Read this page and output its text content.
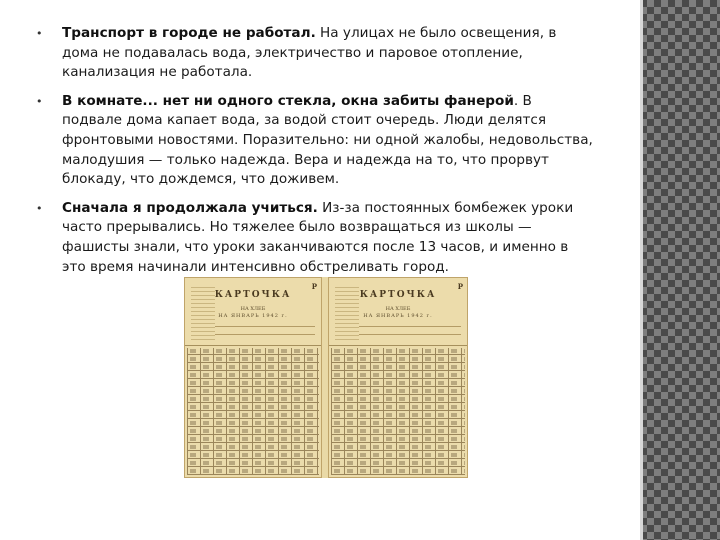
• Транспорт в городе не работал. На улицах не было освещения, в дома не подавалась вода, электричество и паровое отопление, канализация не работала.
• В комнате... нет ни одного стекла, окна забиты фанерой. В подвале дома капает вода, за водой стоит очередь. Люди делятся фронтовыми новостями. Поразительно: ни одной жалобы, недовольства, малодушия — только надежда. Вера и надежда на то, что прорвут блокаду, что дождемся, что доживем.
• Сначала я продолжала учиться. Из-за постоянных бомбежек уроки часто прерывались. Но тяжелее было возвращаться из школы — фашисты знали, что уроки заканчиваются после 13 часов, и именно в это время начинали интенсивно обстреливать город.
КАРТОЧКА
НА ХЛЕБ
НА ЯНВАРЬ 1942 г.
Р
КАРТОЧКА
НА ХЛЕБ
НА ЯНВАРЬ 1942 г.
Р
